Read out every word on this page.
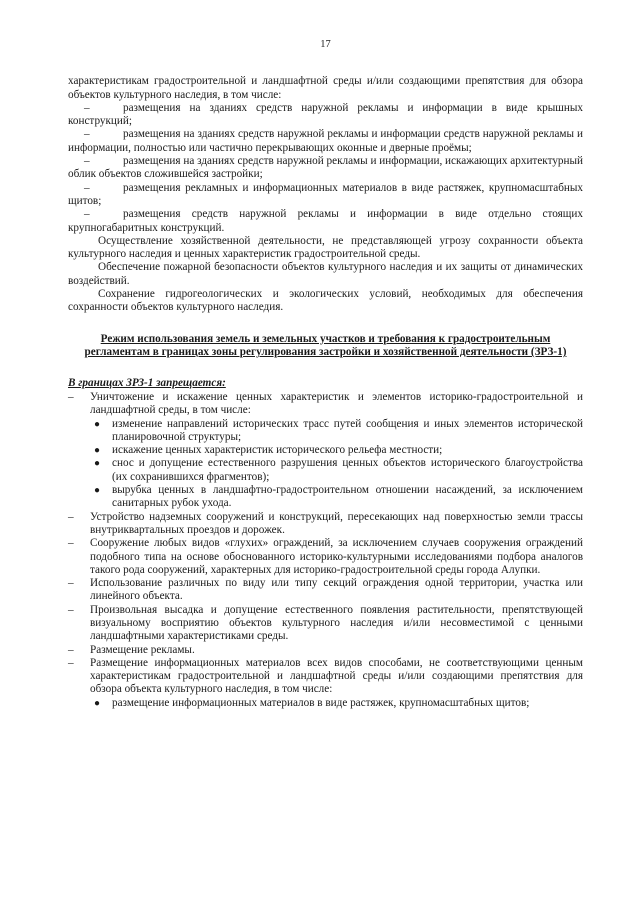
17

характеристикам градостроительной и ландшафтной среды и/или создающими препятствия для обзора объектов культурного наследия, в том числе:

–	размещения на зданиях средств наружной рекламы и информации в виде крышных конструкций;
–	размещения на зданиях средств наружной рекламы и информации средств наружной рекламы и информации, полностью или частично перекрывающих оконные и дверные проёмы;
–	размещения на зданиях средств наружной рекламы и информации, искажающих архитектурный облик объектов сложившейся застройки;
–	размещения рекламных и информационных материалов в виде растяжек, крупномасштабных щитов;
–	размещения средств наружной рекламы и информации в виде отдельно стоящих крупногабаритных конструкций.

Осуществление хозяйственной деятельности, не представляющей угрозу сохранности объекта культурного наследия и ценных характеристик градостроительной среды.

Обеспечение пожарной безопасности объектов культурного наследия и их защиты от динамических воздействий.

Сохранение гидрогеологических и экологических условий, необходимых для обеспечения сохранности объектов культурного наследия.

Режим использования земель и земельных участков и требования к градостроительным регламентам в границах зоны регулирования застройки и хозяйственной деятельности (ЗРЗ-1)
В границах ЗРЗ-1 запрещается:
– Уничтожение и искажение ценных характеристик и элементов историко-градостроительной и ландшафтной среды, в том числе:
● изменение направлений исторических трасс путей сообщения и иных элементов исторической планировочной структуры;
● искажение ценных характеристик исторического рельефа местности;
● снос и допущение естественного разрушения ценных объектов исторического благоустройства (их сохранившихся фрагментов);
● вырубка ценных в ландшафтно-градостроительном отношении насаждений, за исключением санитарных рубок ухода.
– Устройство надземных сооружений и конструкций, пересекающих над поверхностью земли трассы внутриквартальных проездов и дорожек.
– Сооружение любых видов «глухих» ограждений, за исключением случаев сооружения ограждений подобного типа на основе обоснованного историко-культурными исследованиями подбора аналогов такого рода сооружений, характерных для историко-градостроительной среды города Алупки.
– Использование различных по виду или типу секций ограждения одной территории, участка или линейного объекта.
– Произвольная высадка и допущение естественного появления растительности, препятствующей визуальному восприятию объектов культурного наследия и/или несовместимой с ценными ландшафтными характеристиками среды.
– Размещение рекламы.
– Размещение информационных материалов всех видов способами, не соответствующими ценным характеристикам градостроительной и ландшафтной среды и/или создающими препятствия для обзора объекта культурного наследия, в том числе:
● размещение информационных материалов в виде растяжек, крупномасштабных щитов;
